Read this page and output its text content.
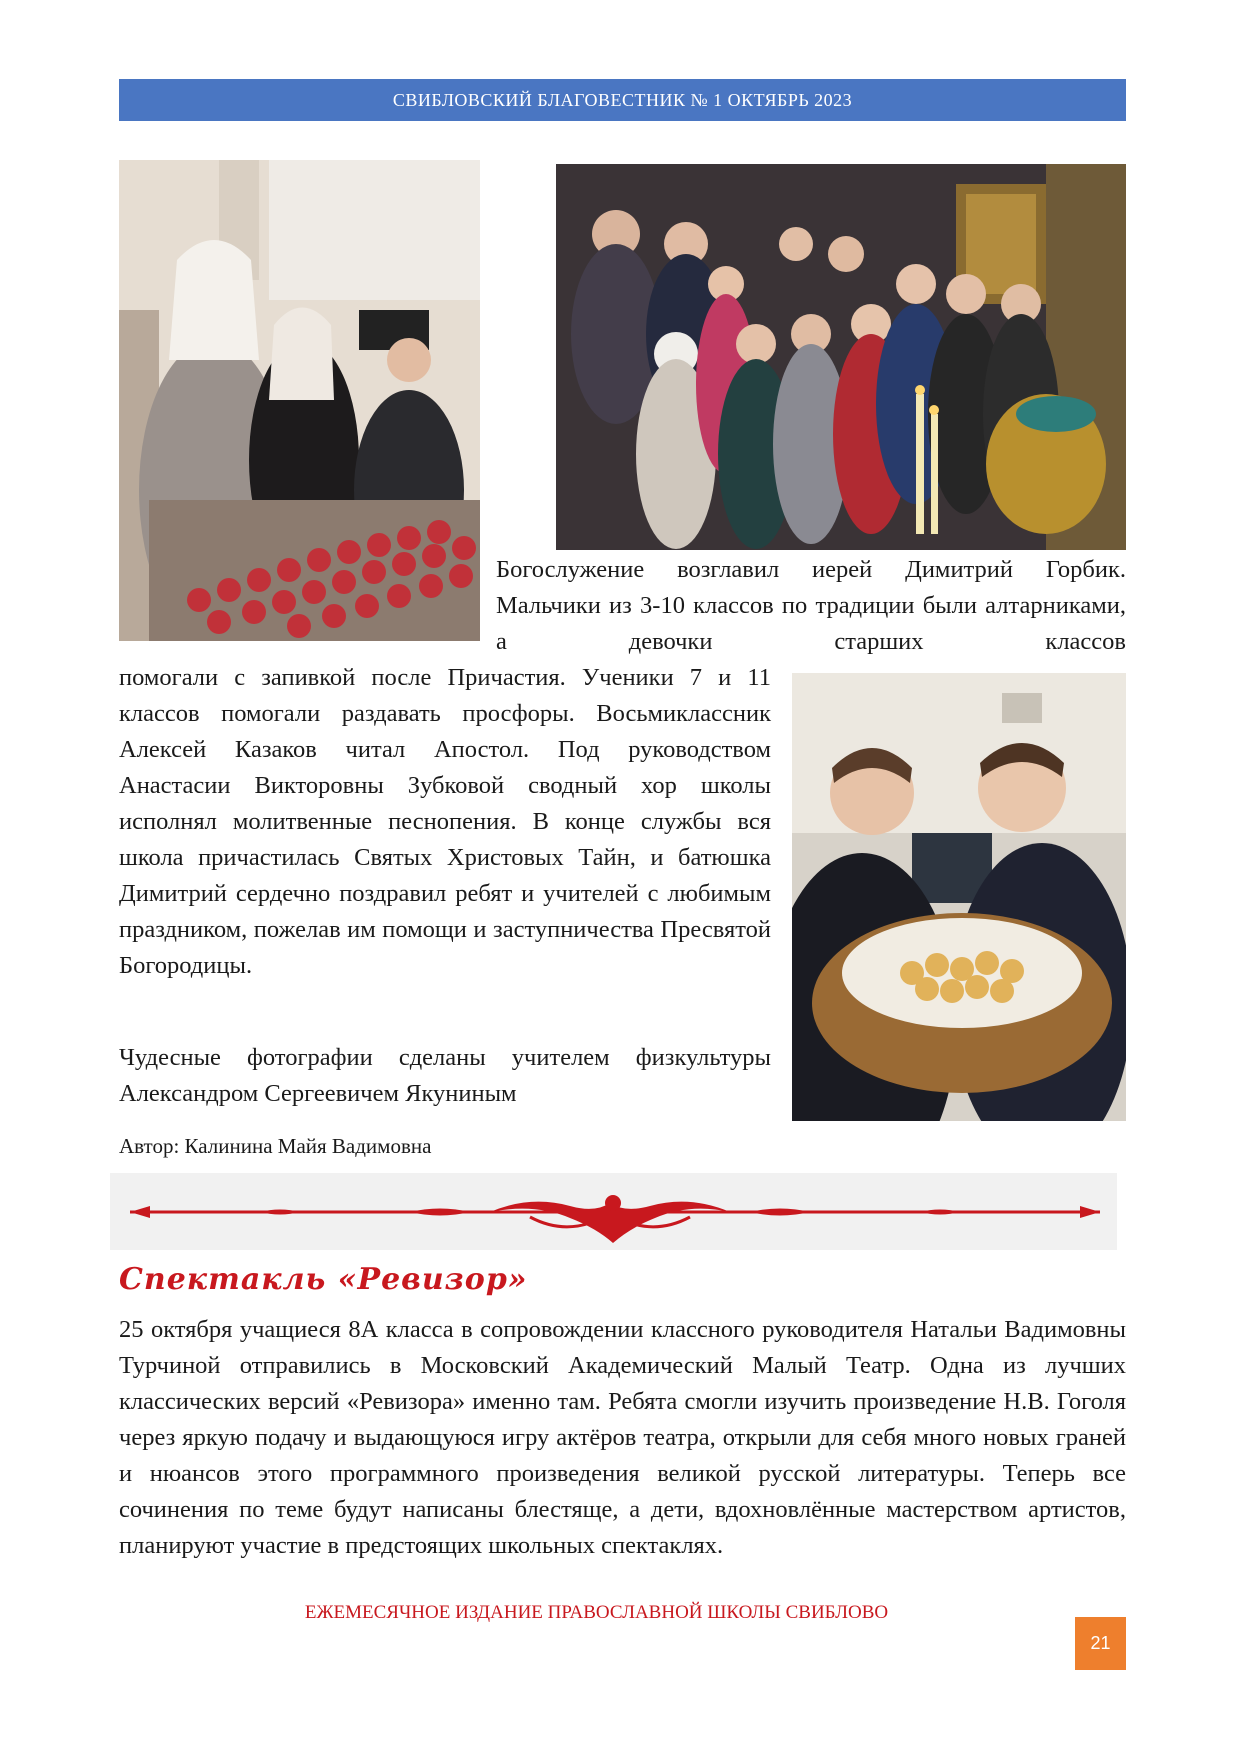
СВИБЛОВСКИЙ БЛАГОВЕСТНИК № 1 ОКТЯБРЬ 2023

Богослужение возглавил иерей Димитрий Горбик. Мальчики из 3-10 классов по традиции были алтарниками, а девочки старших классов

помогали с запивкой после Причастия. Ученики 7 и 11 классов помогали раздавать просфоры. Восьмиклассник Алексей Казаков читал Апостол. Под руководством Анастасии Викторовны Зубковой сводный хор школы исполнял молитвенные песнопения. В конце службы вся школа причастилась Святых Христовых Тайн, и батюшка Димитрий сердечно поздравил ребят и учителей с любимым праздником, пожелав им помощи и заступничества Пресвятой Богородицы.

Чудесные фотографии сделаны учителем физкультуры Александром Сергеевичем Якуниным

Автор: Калинина Майя Вадимовна
Спектакль «Ревизор»

25 октября учащиеся 8А класса в сопровождении классного руководителя Натальи Вадимовны Турчиной отправились в Московский Академический Малый Театр. Одна из лучших классических версий «Ревизора» именно там. Ребята смогли изучить произведение Н.В. Гоголя через яркую подачу и выдающуюся игру актёров театра, открыли для себя много новых граней и нюансов этого программного произведения великой русской литературы. Теперь все сочинения по теме будут написаны блестяще, а дети, вдохновлённые мастерством артистов, планируют участие в предстоящих школьных спектаклях.

ЕЖЕМЕСЯЧНОЕ ИЗДАНИЕ ПРАВОСЛАВНОЙ ШКОЛЫ СВИБЛОВО
21
